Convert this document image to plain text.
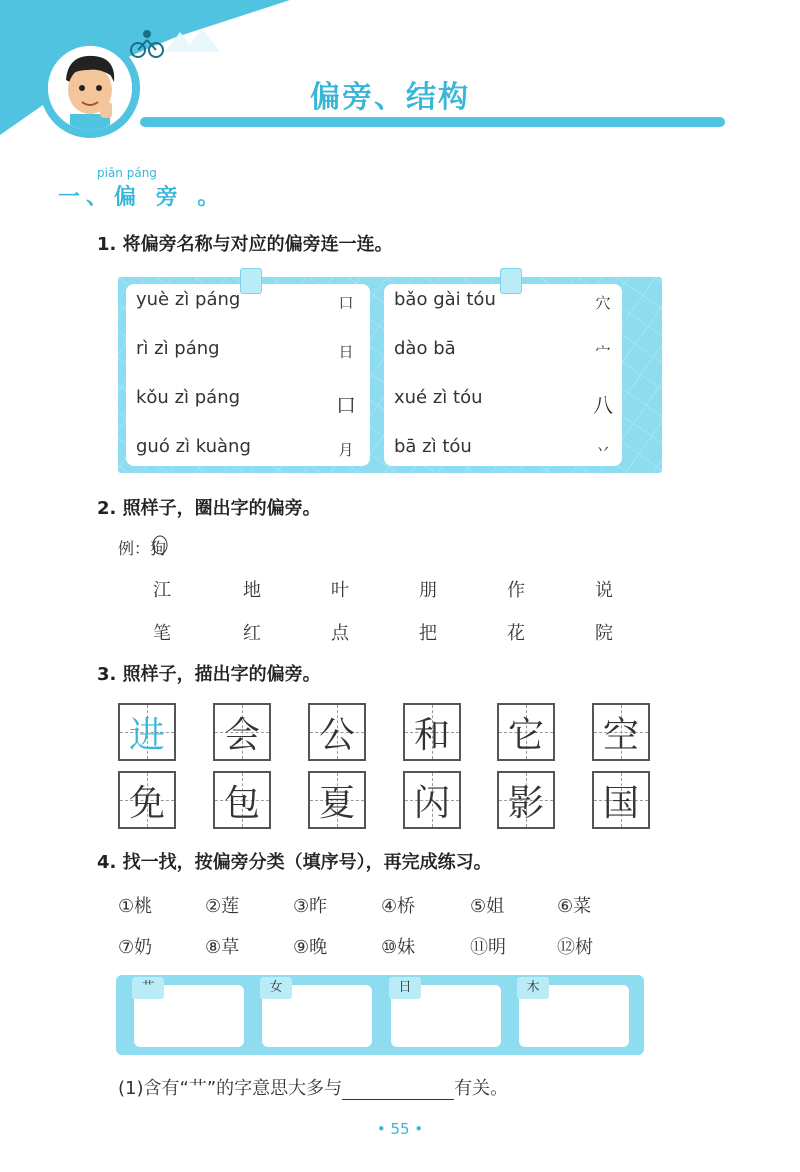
偏旁、结构
piān páng
一、偏 旁 。
1. 将偏旁名称与对应的偏旁连一连。
yuè zì páng	口
rì zì páng	日
kǒu zì páng	口
guó zì kuàng	月
bǎo gài tóu	穴
dào bā	宀
xué zì tóu	八
bā zì tóu	丷
2. 照样子，圈出字的偏旁。
例：狗
江	地	叶	朋	作	说
笔	红	点	把	花	院
3. 照样子，描出字的偏旁。
进 会 公 和 它 空
免 包 夏 闪 影 国
4. 找一找，按偏旁分类（填序号），再完成练习。
①桃	②莲	③昨	④桥	⑤姐	⑥菜
⑦奶	⑧草	⑨晚	⑩妹	⑪明	⑫树
艹	女	日	木
(1)含有“艹”的字意思大多与	有关。
• 55 •
